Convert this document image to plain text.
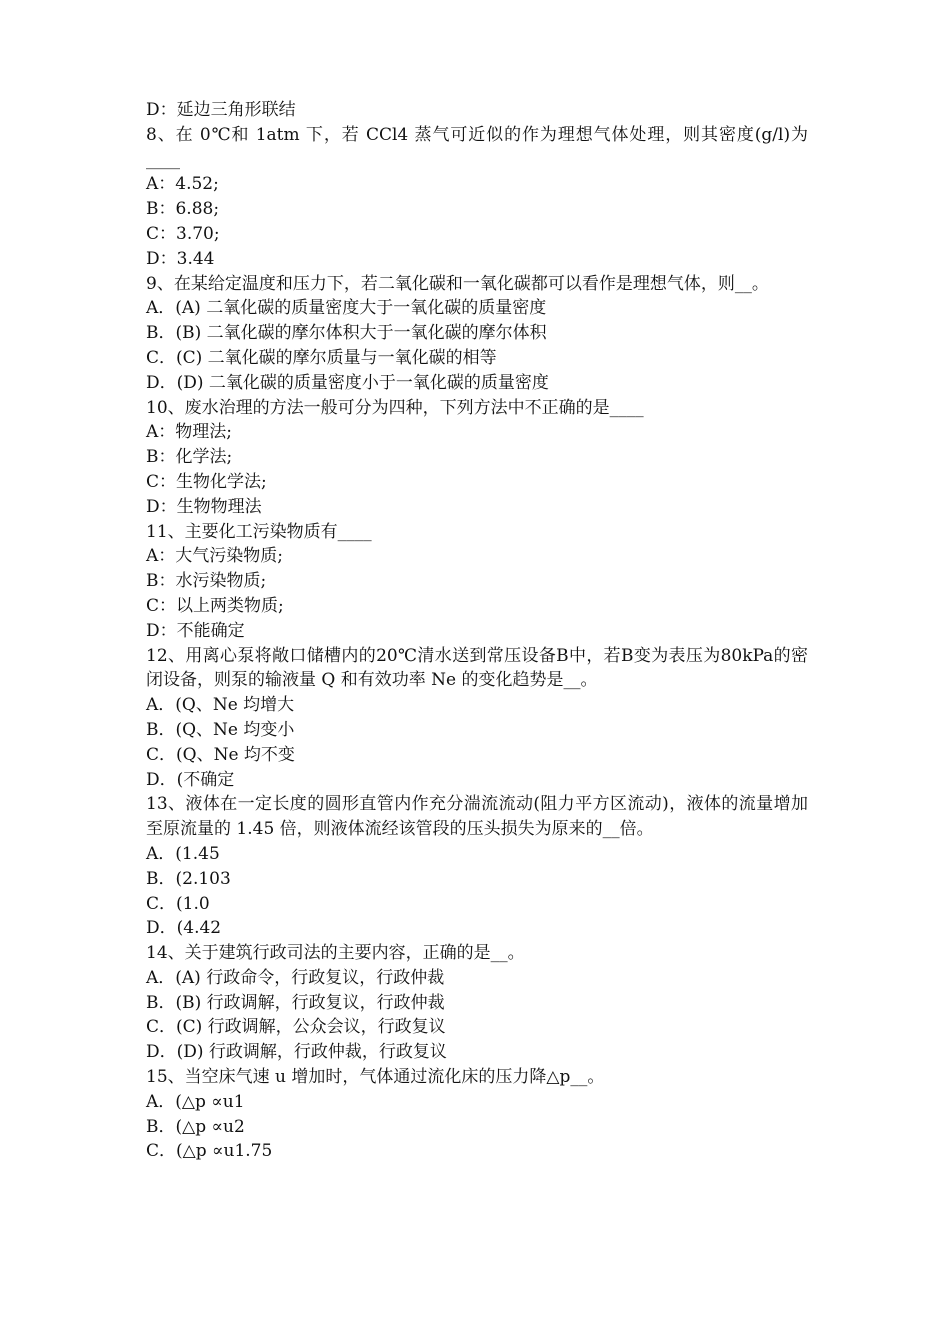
D：延边三角形联结

8、在 0℃和 1atm 下，若 CCl4 蒸气可近似的作为理想气体处理，则其密度(g/l)为____

A：4.52;

B：6.88;

C：3.70;

D：3.44

9、在某给定温度和压力下，若二氧化碳和一氧化碳都可以看作是理想气体，则__。

A．(A) 二氧化碳的质量密度大于一氧化碳的质量密度

B．(B) 二氧化碳的摩尔体积大于一氧化碳的摩尔体积

C．(C) 二氧化碳的摩尔质量与一氧化碳的相等

D．(D) 二氧化碳的质量密度小于一氧化碳的质量密度

10、废水治理的方法一般可分为四种，下列方法中不正确的是____

A：物理法;

B：化学法;

C：生物化学法;

D：生物物理法

11、主要化工污染物质有____

A：大气污染物质;

B：水污染物质;

C：以上两类物质;

D：不能确定

12、用离心泵将敞口储槽内的20℃清水送到常压设备B中，若B变为表压为80kPa的密闭设备，则泵的输液量 Q 和有效功率 Ne 的变化趋势是__。

A．(Q、Ne 均增大

B．(Q、Ne 均变小

C．(Q、Ne 均不变

D．(不确定

13、液体在一定长度的圆形直管内作充分湍流流动(阻力平方区流动)，液体的流量增加至原流量的 1.45 倍，则液体流经该管段的压头损失为原来的__倍。

A．(1.45

B．(2.103

C．(1.0

D．(4.42

14、关于建筑行政司法的主要内容，正确的是__。

A．(A) 行政命令，行政复议，行政仲裁

B．(B) 行政调解，行政复议，行政仲裁

C．(C) 行政调解，公众会议，行政复议

D．(D) 行政调解，行政仲裁，行政复议

15、当空床气速 u 增加时，气体通过流化床的压力降△p__。

A．(△p ∝u1

B．(△p ∝u2

C．(△p ∝u1.75
